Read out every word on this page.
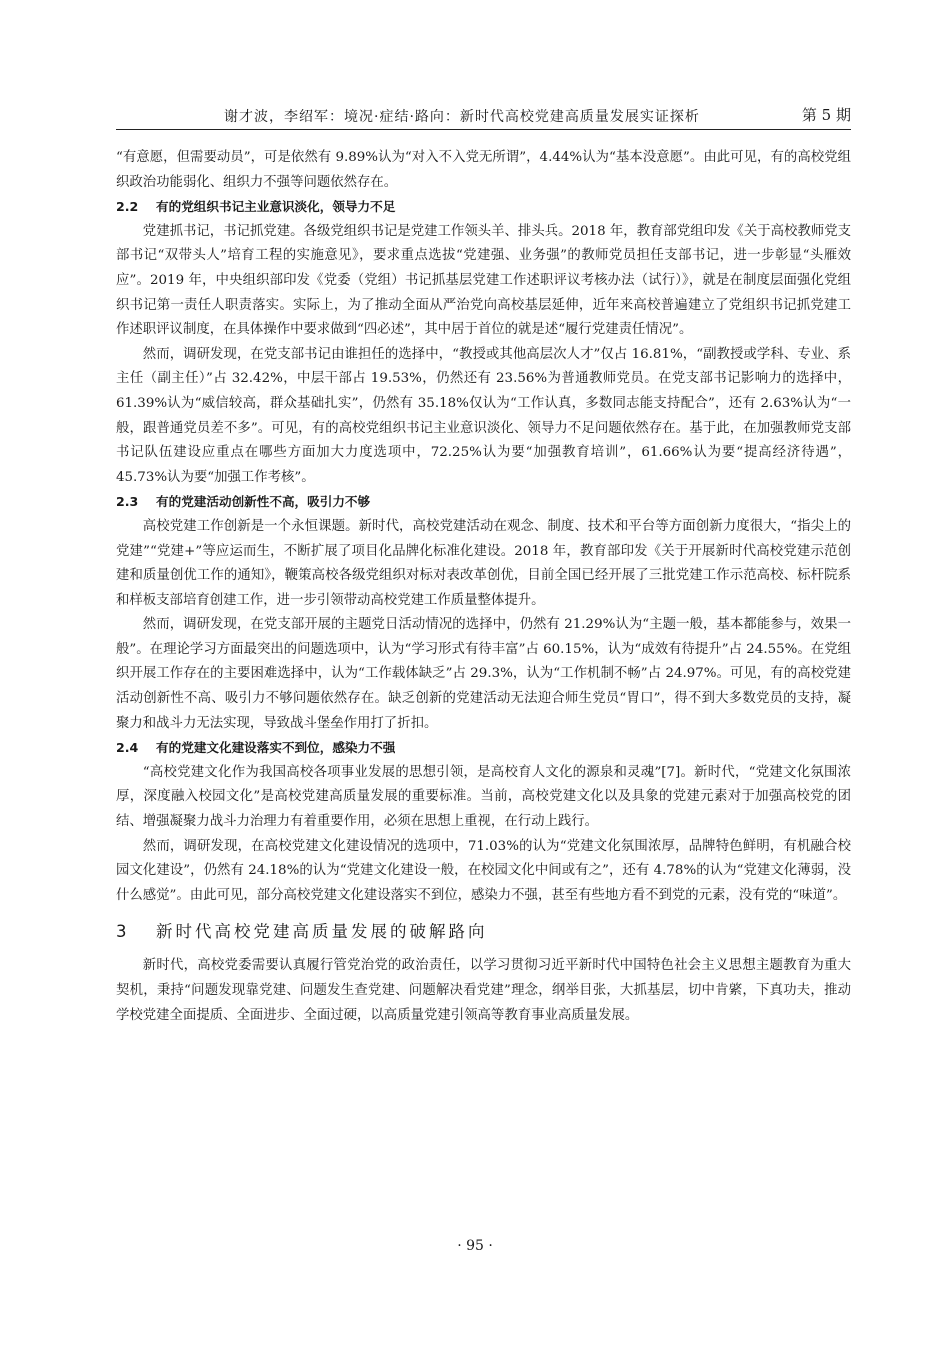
谢才波，李绍军：境况·症结·路向：新时代高校党建高质量发展实证探析	第 5 期

“有意愿，但需要动员”，可是依然有 9.89%认为“对入不入党无所谓”，4.44%认为“基本没意愿”。由此可见，有的高校党组织政治功能弱化、组织力不强等问题依然存在。

2.2 有的党组织书记主业意识淡化，领导力不足

党建抓书记，书记抓党建。各级党组织书记是党建工作领头羊、排头兵。2018 年，教育部党组印发《关于高校教师党支部书记“双带头人”培育工程的实施意见》，要求重点选拔“党建强、业务强”的教师党员担任支部书记，进一步彰显“头雁效应”。2019 年，中央组织部印发《党委（党组）书记抓基层党建工作述职评议考核办法（试行）》，就是在制度层面强化党组织书记第一责任人职责落实。实际上，为了推动全面从严治党向高校基层延伸，近年来高校普遍建立了党组织书记抓党建工作述职评议制度，在具体操作中要求做到“四必述”，其中居于首位的就是述“履行党建责任情况”。

然而，调研发现，在党支部书记由谁担任的选择中，“教授或其他高层次人才”仅占 16.81%，“副教授或学科、专业、系主任（副主任）”占 32.42%，中层干部占 19.53%，仍然还有 23.56%为普通教师党员。在党支部书记影响力的选择中，61.39%认为“威信较高，群众基础扎实”，仍然有 35.18%仅认为“工作认真，多数同志能支持配合”，还有 2.63%认为“一般，跟普通党员差不多”。可见，有的高校党组织书记主业意识淡化、领导力不足问题依然存在。基于此，在加强教师党支部书记队伍建设应重点在哪些方面加大力度选项中，72.25%认为要“加强教育培训”，61.66%认为要“提高经济待遇”，45.73%认为要“加强工作考核”。

2.3 有的党建活动创新性不高，吸引力不够

高校党建工作创新是一个永恒课题。新时代，高校党建活动在观念、制度、技术和平台等方面创新力度很大，“指尖上的党建”“党建+”等应运而生，不断扩展了项目化品牌化标准化建设。2018 年，教育部印发《关于开展新时代高校党建示范创建和质量创优工作的通知》，鞭策高校各级党组织对标对表改革创优，目前全国已经开展了三批党建工作示范高校、标杆院系和样板支部培育创建工作，进一步引领带动高校党建工作质量整体提升。

然而，调研发现，在党支部开展的主题党日活动情况的选择中，仍然有 21.29%认为“主题一般，基本都能参与，效果一般”。在理论学习方面最突出的问题选项中，认为“学习形式有待丰富”占 60.15%，认为“成效有待提升”占 24.55%。在党组织开展工作存在的主要困难选择中，认为“工作载体缺乏”占 29.3%，认为“工作机制不畅”占 24.97%。可见，有的高校党建活动创新性不高、吸引力不够问题依然存在。缺乏创新的党建活动无法迎合师生党员“胃口”，得不到大多数党员的支持，凝聚力和战斗力无法实现，导致战斗堡垒作用打了折扣。

2.4 有的党建文化建设落实不到位，感染力不强

“高校党建文化作为我国高校各项事业发展的思想引领，是高校育人文化的源泉和灵魂”[7]。新时代，“党建文化氛围浓厚，深度融入校园文化”是高校党建高质量发展的重要标准。当前，高校党建文化以及具象的党建元素对于加强高校党的团结、增强凝聚力战斗力治理力有着重要作用，必须在思想上重视，在行动上践行。

然而，调研发现，在高校党建文化建设情况的选项中，71.03%的认为“党建文化氛围浓厚，品牌特色鲜明，有机融合校园文化建设”，仍然有 24.18%的认为“党建文化建设一般，在校园文化中间或有之”，还有 4.78%的认为“党建文化薄弱，没什么感觉”。由此可见，部分高校党建文化建设落实不到位，感染力不强，甚至有些地方看不到党的元素，没有党的“味道”。

3 新时代高校党建高质量发展的破解路向

新时代，高校党委需要认真履行管党治党的政治责任，以学习贯彻习近平新时代中国特色社会主义思想主题教育为重大契机，秉持“问题发现靠党建、问题发生查党建、问题解决看党建”理念，纲举目张，大抓基层，切中肯綮，下真功夫，推动学校党建全面提质、全面进步、全面过硬，以高质量党建引领高等教育事业高质量发展。

· 95 ·
